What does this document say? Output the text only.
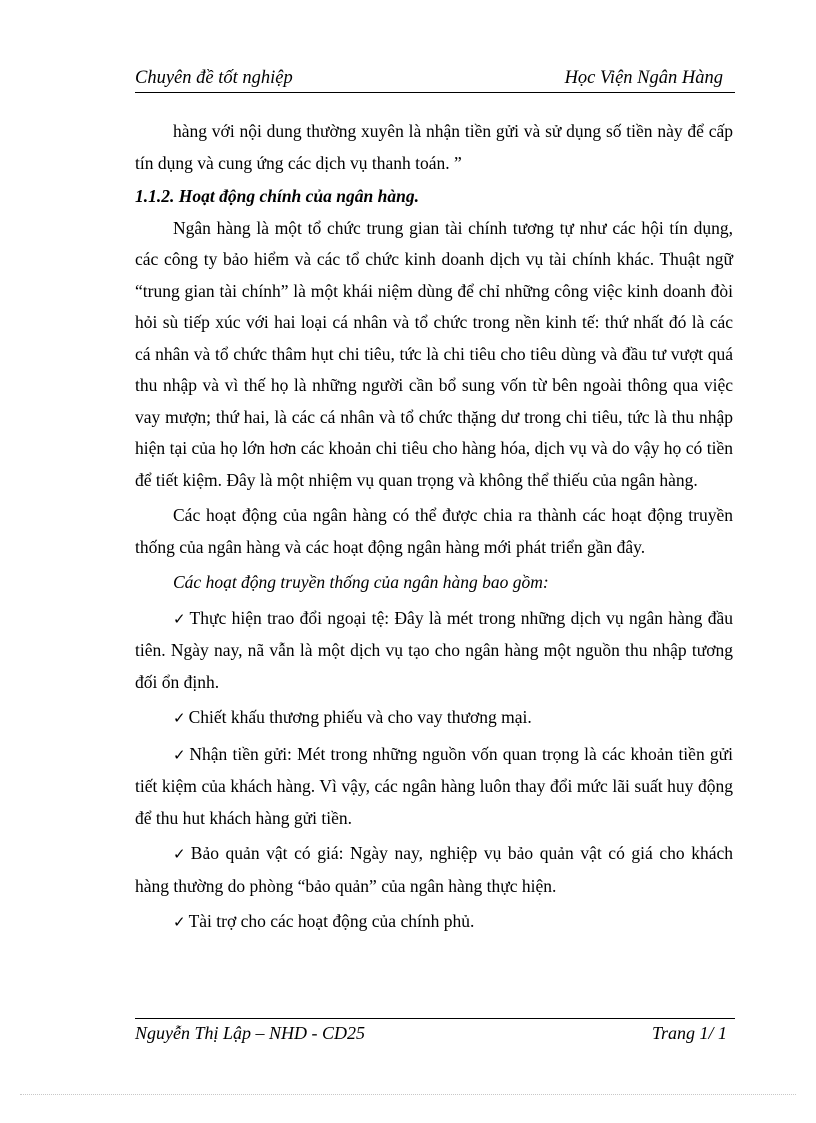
Chuyên đề tốt nghiệp	Học Viện Ngân Hàng

hàng với nội dung thường xuyên là nhận tiền gửi và sử dụng số tiền này để cấp tín dụng và cung ứng các dịch vụ thanh toán. ”

1.1.2. Hoạt động chính của ngân hàng.

Ngân hàng là một tổ chức trung gian tài chính tương tự như các hội tín dụng, các công ty bảo hiểm và các tổ chức kinh doanh dịch vụ tài chính khác. Thuật ngữ “trung gian tài chính” là một khái niệm dùng để chỉ những công việc kinh doanh đòi hỏi sù tiếp xúc với hai loại cá nhân và tổ chức trong nền kinh tế: thứ nhất đó là các cá nhân và tổ chức thâm hụt chi tiêu, tức là chi tiêu cho tiêu dùng và đầu tư vượt quá thu nhập và vì thế họ là những người cần bổ sung vốn từ bên ngoài thông qua việc vay mượn; thứ hai, là các cá nhân và tổ chức thặng dư trong chi tiêu, tức là thu nhập hiện tại của họ lớn hơn các khoản chi tiêu cho hàng hóa, dịch vụ và do vậy họ có tiền để tiết kiệm. Đây là một nhiệm vụ quan trọng và không thể thiếu của ngân hàng.

Các hoạt động của ngân hàng có thể được chia ra thành các hoạt động truyền thống của ngân hàng và các hoạt động ngân hàng mới phát triển gần đây.

Các hoạt động truyền thống của ngân hàng bao gồm:

✓ Thực hiện trao đổi ngoại tệ: Đây là mét trong những dịch vụ ngân hàng đầu tiên. Ngày nay, nã vẫn là một dịch vụ tạo cho ngân hàng một nguồn thu nhập tương đối ổn định.

✓ Chiết khấu thương phiếu và cho vay thương mại.

✓ Nhận tiền gửi: Mét trong những nguồn vốn quan trọng là các khoản tiền gửi tiết kiệm của khách hàng. Vì vậy, các ngân hàng luôn thay đổi mức lãi suất huy động để thu hut khách hàng gửi tiền.

✓ Bảo quản vật có giá: Ngày nay, nghiệp vụ bảo quản vật có giá cho khách hàng thường do phòng “bảo quản” của ngân hàng thực hiện.

✓ Tài trợ cho các hoạt động của chính phủ.

Nguyễn Thị Lập – NHD - CD25	Trang 1/ 1
